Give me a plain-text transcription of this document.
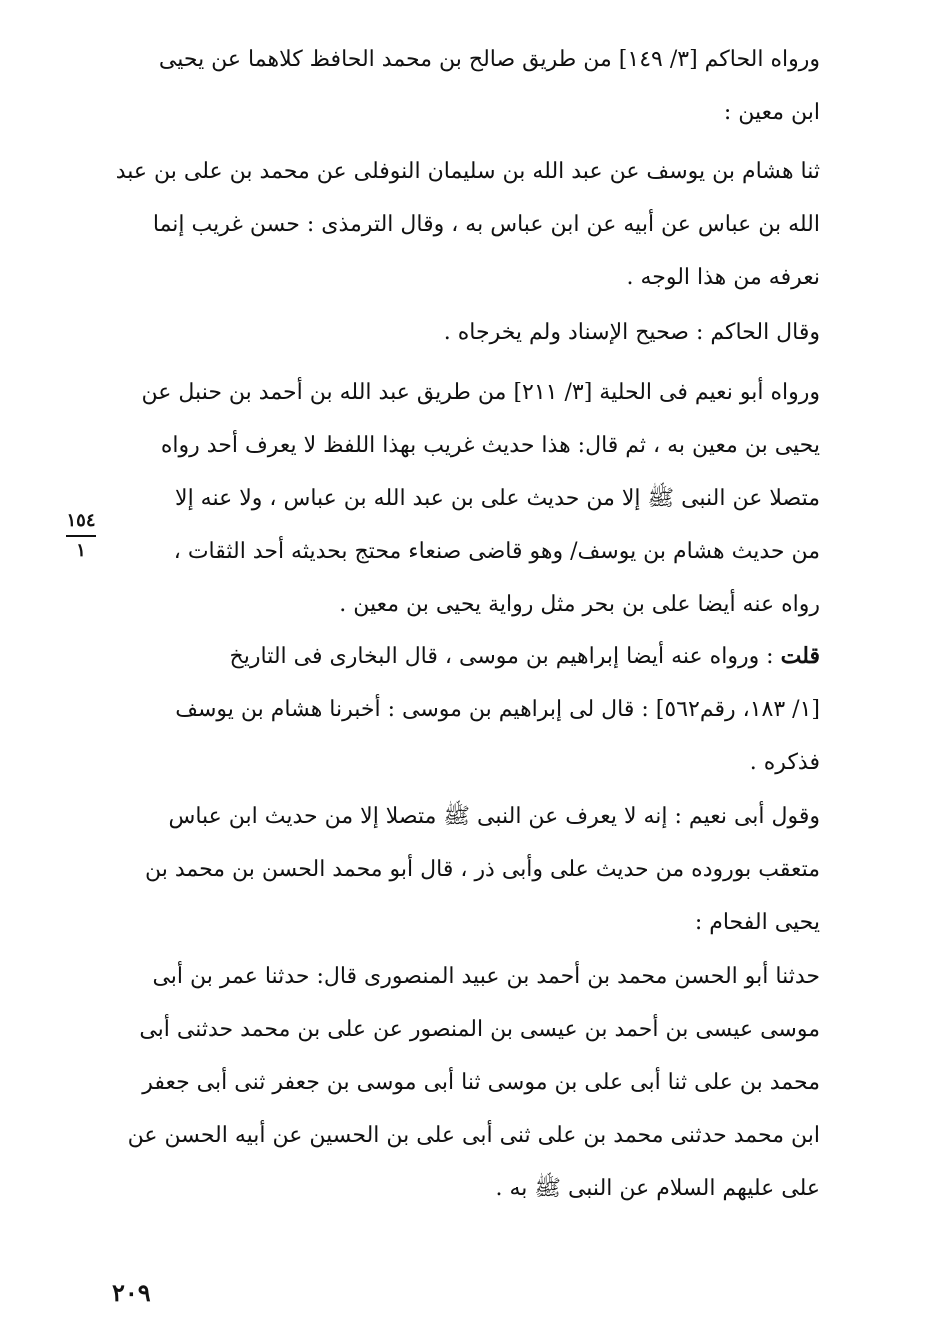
ورواه الحاكم [٣/ ١٤٩] من طريق صالح بن محمد الحافظ كلاهما عن يحيى
ابن معين :
ثنا هشام بن يوسف عن عبد الله بن سليمان النوفلى عن محمد بن على بن عبد
الله بن عباس عن أبيه عن ابن عباس به ، وقال الترمذى : حسن غريب إنما
نعرفه من هذا الوجه .
وقال الحاكم : صحيح الإسناد ولم يخرجاه .
ورواه أبو نعيم فى الحلية [٣/ ٢١١] من طريق عبد الله بن أحمد بن حنبل عن
يحيى بن معين به ، ثم قال: هذا حديث غريب بهذا اللفظ لا يعرف أحد رواه
متصلا عن النبى ﷺ إلا من حديث على بن عبد الله بن عباس ، ولا عنه إلا
من حديث هشام بن يوسف/ وهو قاضى صنعاء محتج بحديثه أحد الثقات ،
رواه عنه أيضا على بن بحر مثل رواية يحيى بن معين .
قلت : ورواه عنه أيضا إبراهيم بن موسى ، قال البخارى فى التاريخ
[١/ ١٨٣، رقم٥٦٢] : قال لى إبراهيم بن موسى : أخبرنا هشام بن يوسف
فذكره .
وقول أبى نعيم : إنه لا يعرف عن النبى ﷺ متصلا إلا من حديث ابن عباس
متعقب بوروده من حديث على وأبى ذر ، قال أبو محمد الحسن بن محمد بن
يحيى الفحام :
حدثنا أبو الحسن محمد بن أحمد بن عبيد المنصورى قال: حدثنا عمر بن أبى
موسى عيسى بن أحمد بن عيسى بن المنصور عن على بن محمد حدثنى أبى
محمد بن على ثنا أبى على بن موسى ثنا أبى موسى بن جعفر ثنى أبى جعفر
ابن محمد حدثنى محمد بن على ثنى أبى على بن الحسين عن أبيه الحسن عن
على عليهم السلام عن النبى ﷺ به .
١٥٤
١
٢٠٩
